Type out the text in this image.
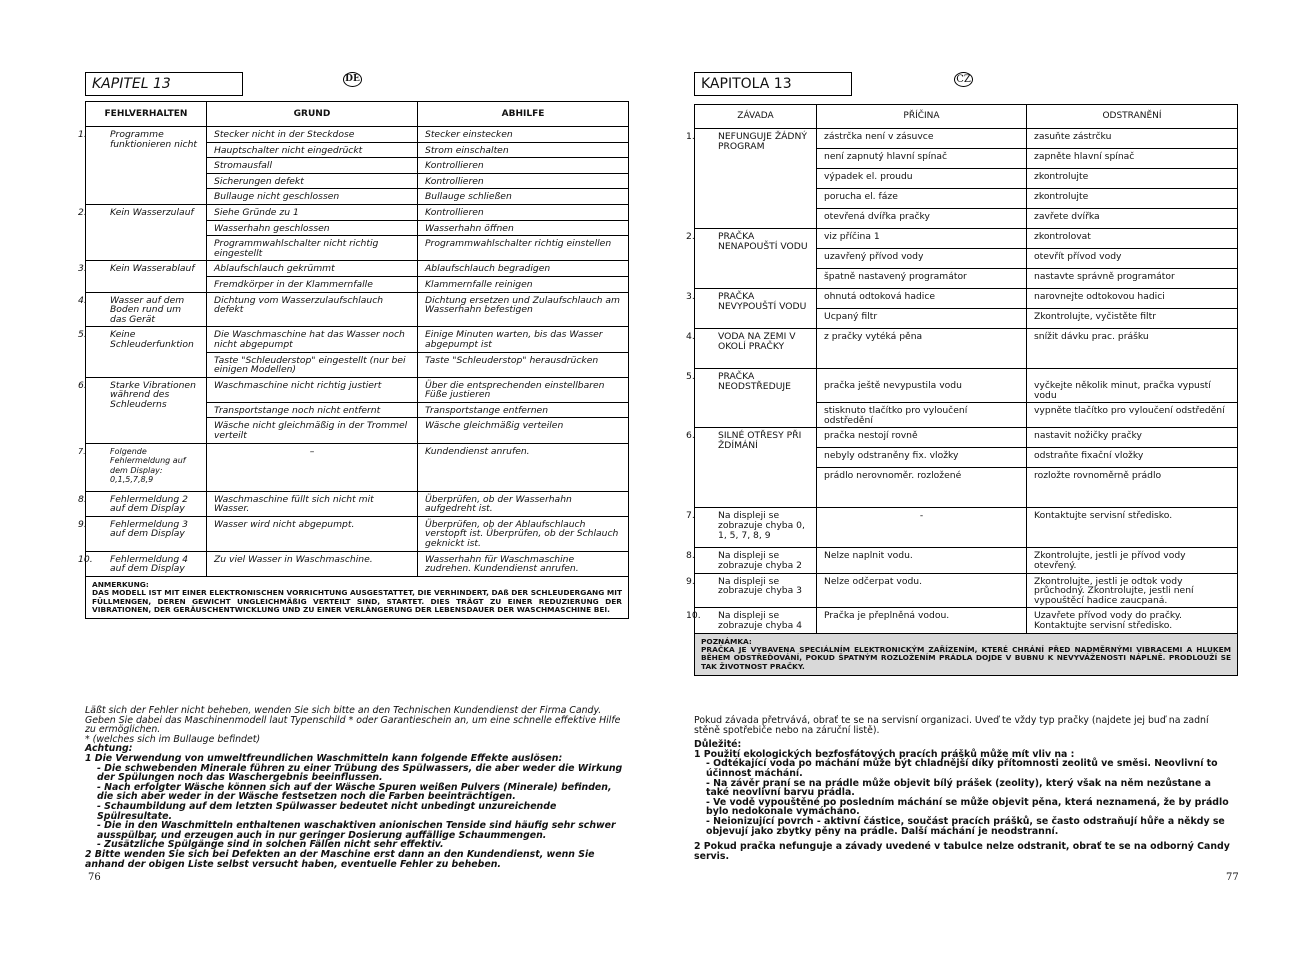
KAPITEL 13	DE
FEHLVERHALTEN	GRUND	ABHILFE

1. Programme funktionieren nicht	Stecker nicht in der Steckdose	Stecker einstecken
	Hauptschalter nicht eingedrückt	Strom einschalten
	Stromausfall	Kontrollieren
	Sicherungen defekt	Kontrollieren
	Bullauge nicht geschlossen	Bullauge schließen

2. Kein Wasserzulauf	Siehe Gründe zu 1	Kontrollieren
	Wasserhahn geschlossen	Wasserhahn öffnen
	Programmwahlschalter nicht richtig eingestellt	Programmwahlschalter richtig einstellen

3. Kein Wasserablauf	Ablaufschlauch gekrümmt	Ablaufschlauch begradigen
	Fremdkörper in der Klammernfalle	Klammernfalle reinigen

4. Wasser auf dem Boden rund um das Gerät	Dichtung vom Wasserzulaufschlauch defekt	Dichtung ersetzen und Zulaufschlauch am Wasserhahn befestigen

5. Keine Schleuderfunktion	Die Waschmaschine hat das Wasser noch nicht abgepumpt	Einige Minuten warten, bis das Wasser abgepumpt ist
	Taste "Schleuderstop" eingestellt (nur bei einigen Modellen)	Taste "Schleuderstop" herausdrücken

6. Starke Vibrationen während des Schleuderns	Waschmaschine nicht richtig justiert	Über die entsprechenden einstellbaren Füße justieren
	Transportstange noch nicht entfernt	Transportstange entfernen
	Wäsche nicht gleichmäßig in der Trommel verteilt	Wäsche gleichmäßig verteilen

7. Folgende Fehlermeldung auf dem Display: 0,1,5,7,8,9	–	Kundendienst anrufen.

8. Fehlermeldung 2 auf dem Display	Waschmaschine füllt sich nicht mit Wasser.	Überprüfen, ob der Wasserhahn aufgedreht ist.

9. Fehlermeldung 3 auf dem Display	Wasser wird nicht abgepumpt.	Überprüfen, ob der Ablaufschlauch verstopft ist. Überprüfen, ob der Schlauch geknickt ist.

10. Fehlermeldung 4 auf dem Display	Zu viel Wasser in Waschmaschine.	Wasserhahn für Waschmaschine zudrehen. Kundendienst anrufen.

ANMERKUNG:
DAS MODELL IST MIT EINER ELEKTRONISCHEN VORRICHTUNG AUSGESTATTET, DIE VERHINDERT, DAß DER SCHLEUDERGANG MIT FÜLLMENGEN, DEREN GEWICHT UNGLEICHMÄßIG VERTEILT SIND, STARTET. DIES TRÄGT ZU EINER REDUZIERUNG DER VIBRATIONEN, DER GERÄUSCHENTWICKLUNG UND ZU EINER VERLÄNGERUNG DER LEBENSDAUER DER WASCHMASCHINE BEI.		
Läßt sich der Fehler nicht beheben, wenden Sie sich bitte an den Technischen Kundendienst der Firma Candy. Geben Sie dabei das Maschinenmodell laut Typenschild * oder Garantieschein an, um eine schnelle effektive Hilfe zu ermöglichen.
* (welches sich im Bullauge befindet)
Achtung:
1 Die Verwendung von umweltfreundlichen Waschmitteln kann folgende Effekte auslösen:
- Die schwebenden Minerale führen zu einer Trübung des Spülwassers, die aber weder die Wirkung der Spülungen noch das Waschergebnis beeinflussen.
- Nach erfolgter Wäsche können sich auf der Wäsche Spuren weißen Pulvers (Minerale) befinden, die sich aber weder in der Wäsche festsetzen noch die Farben beeinträchtigen.
- Schaumbildung auf dem letzten Spülwasser bedeutet nicht unbedingt unzureichende Spülresultate.
- Die in den Waschmitteln enthaltenen waschaktiven anionischen Tenside sind häufig sehr schwer ausspülbar, und erzeugen auch in nur geringer Dosierung auffällige Schaummengen.
- Zusätzliche Spülgänge sind in solchen Fällen nicht sehr effektiv.
2 Bitte wenden Sie sich bei Defekten an der Maschine erst dann an den Kundendienst, wenn Sie anhand der obigen Liste selbst versucht haben, eventuelle Fehler zu beheben.
76
KAPITOLA 13	CZ
ZÁVADA	PŘÍČINA	ODSTRANĚNÍ

1. NEFUNGUJE ŽÁDNÝ PROGRAM	zástrčka není v zásuvce	zasuňte zástrčku
	není zapnutý hlavní spínač	zapněte hlavní spínač
	výpadek el. proudu	zkontrolujte
	porucha el. fáze	zkontrolujte
	otevřená dvířka pračky	zavřete dvířka

2. PRAČKA NENAPOUŠTÍ VODU	viz příčina 1	zkontrolovat
	uzavřený přívod vody	otevřít přívod vody
	špatně nastavený programátor	nastavte správně programátor

3. PRAČKA NEVYPOUŠTÍ VODU	ohnutá odtoková hadice	narovnejte odtokovou hadici
	Ucpaný filtr	Zkontrolujte, vyčistěte filtr

4. VODA NA ZEMI V OKOLÍ PRAČKY	z pračky vytéká pěna	snížit dávku prac. prášku

5. PRAČKA NEODSTŘEDUJE	pračka ještě nevypustila vodu	vyčkejte několik minut, pračka vypustí vodu
	stisknuto tlačítko pro vyloučení odstředění	vypněte tlačítko pro vyloučení odstředění

6. SILNÉ OTŘESY PŘI ŽDÍMÁNÍ	pračka nestojí rovně	nastavit nožičky pračky
	nebyly odstraněny fix. vložky	odstraňte fixační vložky
	prádlo nerovnoměr. rozložené	rozložte rovnoměrně prádlo

7. Na displeji se zobrazuje chyba 0, 1, 5, 7, 8, 9	-	Kontaktujte servisní středisko.

8. Na displeji se zobrazuje chyba 2	Nelze naplnit vodu.	Zkontrolujte, jestli je přívod vody otevřený.

9. Na displeji se zobrazuje chyba 3	Nelze odčerpat vodu.	Zkontrolujte, jestli je odtok vody průchodný. Zkontrolujte, jestli není vypouštěcí hadice zaucpaná.

10. Na displeji se zobrazuje chyba 4	Pračka je přeplněná vodou.	Uzavřete přívod vody do pračky. Kontaktujte servisní středisko.

POZNÁMKA:
PRAČKA JE VYBAVENA SPECIÁLNÍM ELEKTRONICKÝM ZAŘÍZENÍM, KTERÉ CHRÁNÍ PŘED NADMĚRNÝMI VIBRACEMI A HLUKEM BĚHEM ODSTŘEĎOVÁNÍ, POKUD ŠPATNÝM ROZLOŽENÍM PRÁDLA DOJDE V BUBNU K NEVYVÁŽENOSTI NÁPLNĚ. PRODLOUŽÍ SE TAK ŽIVOTNOST PRAČKY.		
Pokud závada přetrvává, obrať te se na servisní organizaci. Uveď te vždy typ pračky (najdete jej buď na zadní stěně spotřebiče nebo na záruční listě).
Důležité:
1 Použití ekologických bezfosfátových pracích prášků může mít vliv na :
- Odtékající voda po máchání může být chladnější díky přítomnosti zeolitů ve směsi. Neovlivní to účinnost máchání.
- Na závěr praní se na prádle může objevit bílý prášek (zeolity), který však na něm nezůstane a také neovlivní barvu prádla.
- Ve vodě vypouštěné po posledním máchání se může objevit pěna, která neznamená, že by prádlo bylo nedokonale vymácháno.
- Neionizující povrch - aktivní částice, součást pracích prášků, se často odstraňují hůře a někdy se objevují jako zbytky pěny na prádle. Další máchání je neodstranní.
2 Pokud pračka nefunguje a závady uvedené v tabulce nelze odstranit, obrať te se na odborný Candy servis.
77
